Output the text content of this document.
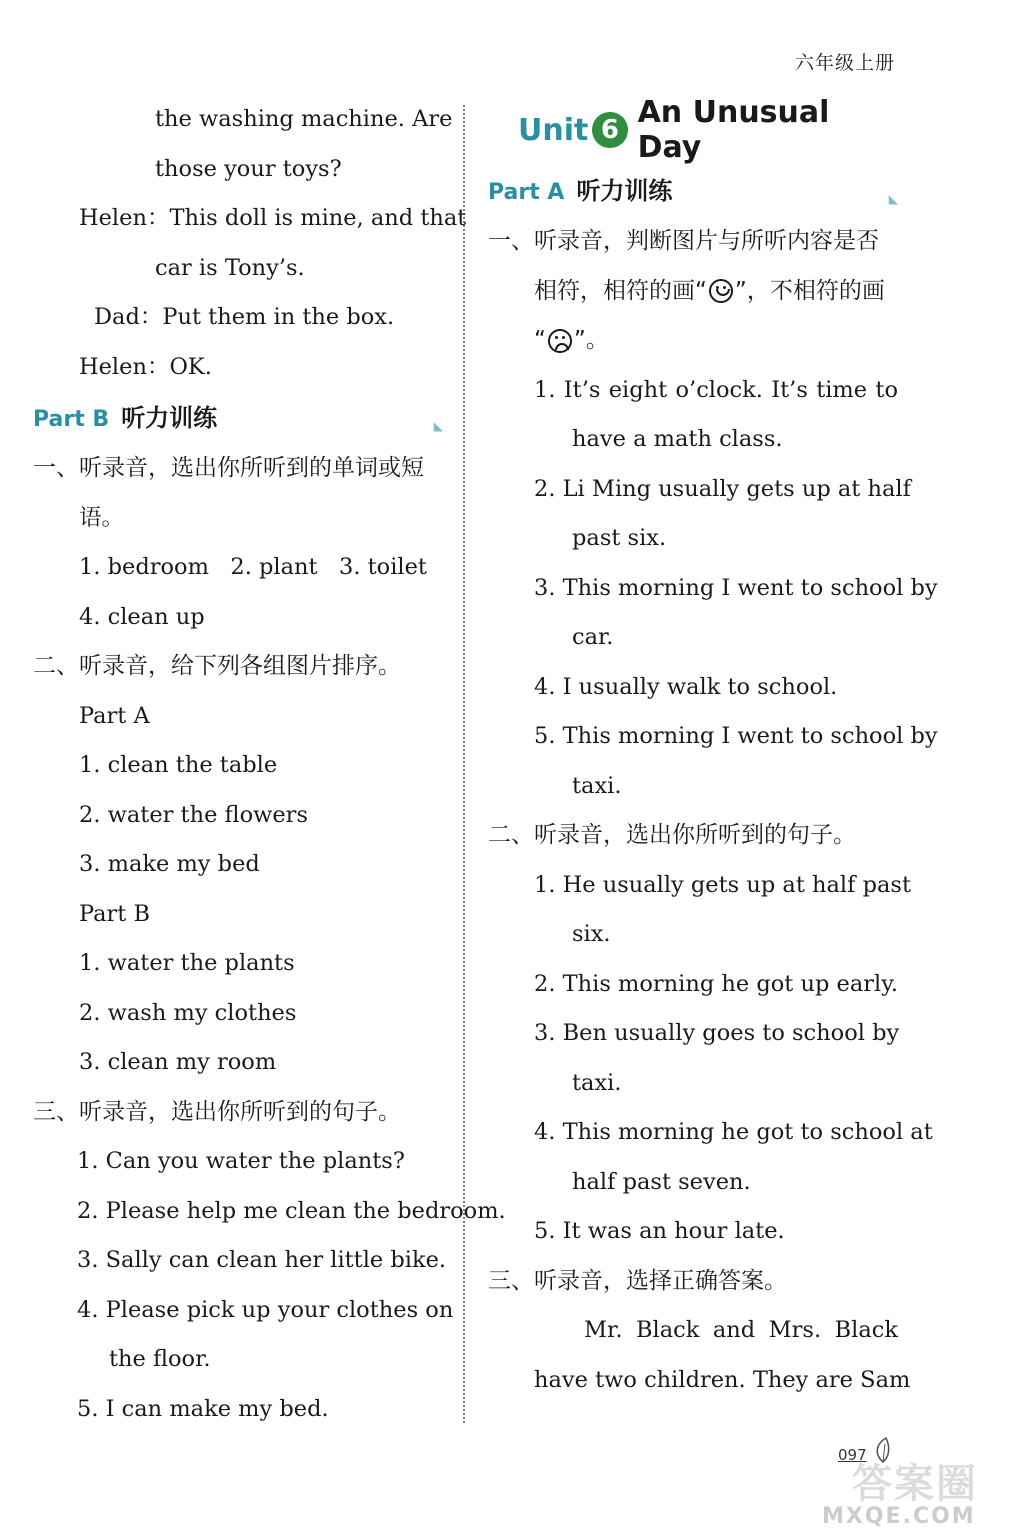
六年级上册
the washing machine. Are
those your toys?
Helen：This doll is mine, and that
car is Tony’s.
Dad：Put them in the box.
Helen：OK.
Part B 听力训练	◣
一、听录音，选出你所听到的单词或短
语。
1. bedroom   2. plant   3. toilet
4. clean up
二、听录音，给下列各组图片排序。
Part A
1. clean the table
2. water the flowers
3. make my bed
Part B
1. water the plants
2. wash my clothes
3. clean my room
三、听录音，选出你所听到的句子。
1. Can you water the plants?
2. Please help me clean the bedroom.
3. Sally can clean her little bike.
4. Please pick up your clothes on
the floor.
5. I can make my bed.
Unit 6 An Unusual Day
Part A 听力训练	◣
一、听录音，判断图片与所听内容是否
相符，相符的画“ ”，不相符的画
“ ”。
1. It’s eight o’clock. It’s time to
have a math class.
2. Li Ming usually gets up at half
past six.
3. This morning I went to school by
car.
4. I usually walk to school.
5. This morning I went to school by
taxi.
二、听录音，选出你所听到的句子。
1. He usually gets up at half past
six.
2. This morning he got up early.
3. Ben usually goes to school by
taxi.
4. This morning he got to school at
half past seven.
5. It was an hour late.
三、听录音，选择正确答案。
Mr. Black and Mrs. Black
have two children. They are Sam
097
答案圈
MXQE.COM
